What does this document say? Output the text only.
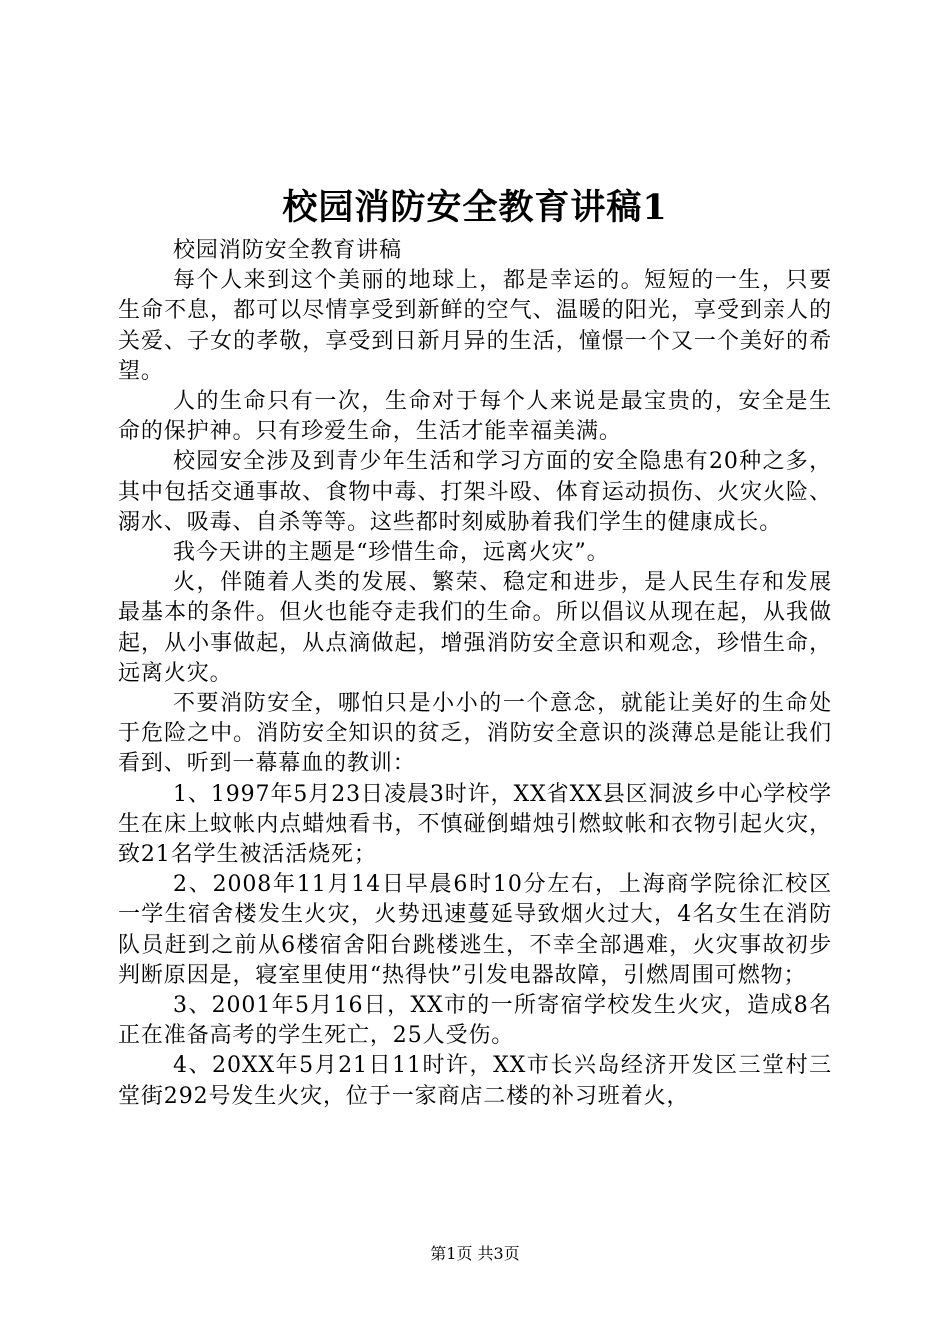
校园消防安全教育讲稿1

校园消防安全教育讲稿

每个人来到这个美丽的地球上，都是幸运的。短短的一生，只要生命不息，都可以尽情享受到新鲜的空气、温暖的阳光，享受到亲人的关爱、子女的孝敬，享受到日新月异的生活，憧憬一个又一个美好的希望。

人的生命只有一次，生命对于每个人来说是最宝贵的，安全是生命的保护神。只有珍爱生命，生活才能幸福美满。

校园安全涉及到青少年生活和学习方面的安全隐患有20种之多，其中包括交通事故、食物中毒、打架斗殴、体育运动损伤、火灾火险、溺水、吸毒、自杀等等。这些都时刻威胁着我们学生的健康成长。

我今天讲的主题是“珍惜生命，远离火灾”。

火，伴随着人类的发展、繁荣、稳定和进步，是人民生存和发展最基本的条件。但火也能夺走我们的生命。所以倡议从现在起，从我做起，从小事做起，从点滴做起，增强消防安全意识和观念，珍惜生命，远离火灾。

不要消防安全，哪怕只是小小的一个意念，就能让美好的生命处于危险之中。消防安全知识的贫乏，消防安全意识的淡薄总是能让我们看到、听到一幕幕血的教训：

1、1997年5月23日凌晨3时许，XX省XX县区洞波乡中心学校学生在床上蚊帐内点蜡烛看书，不慎碰倒蜡烛引燃蚊帐和衣物引起火灾，致21名学生被活活烧死；

2、2008年11月14日早晨6时10分左右，上海商学院徐汇校区一学生宿舍楼发生火灾，火势迅速蔓延导致烟火过大，4名女生在消防队员赶到之前从6楼宿舍阳台跳楼逃生，不幸全部遇难，火灾事故初步判断原因是，寝室里使用“热得快”引发电器故障，引燃周围可燃物；

3、2001年5月16日，XX市的一所寄宿学校发生火灾，造成8名正在准备高考的学生死亡，25人受伤。

4、20XX年5月21日11时许，XX市长兴岛经济开发区三堂村三堂街292号发生火灾，位于一家商店二楼的补习班着火，

第1页 共3页
